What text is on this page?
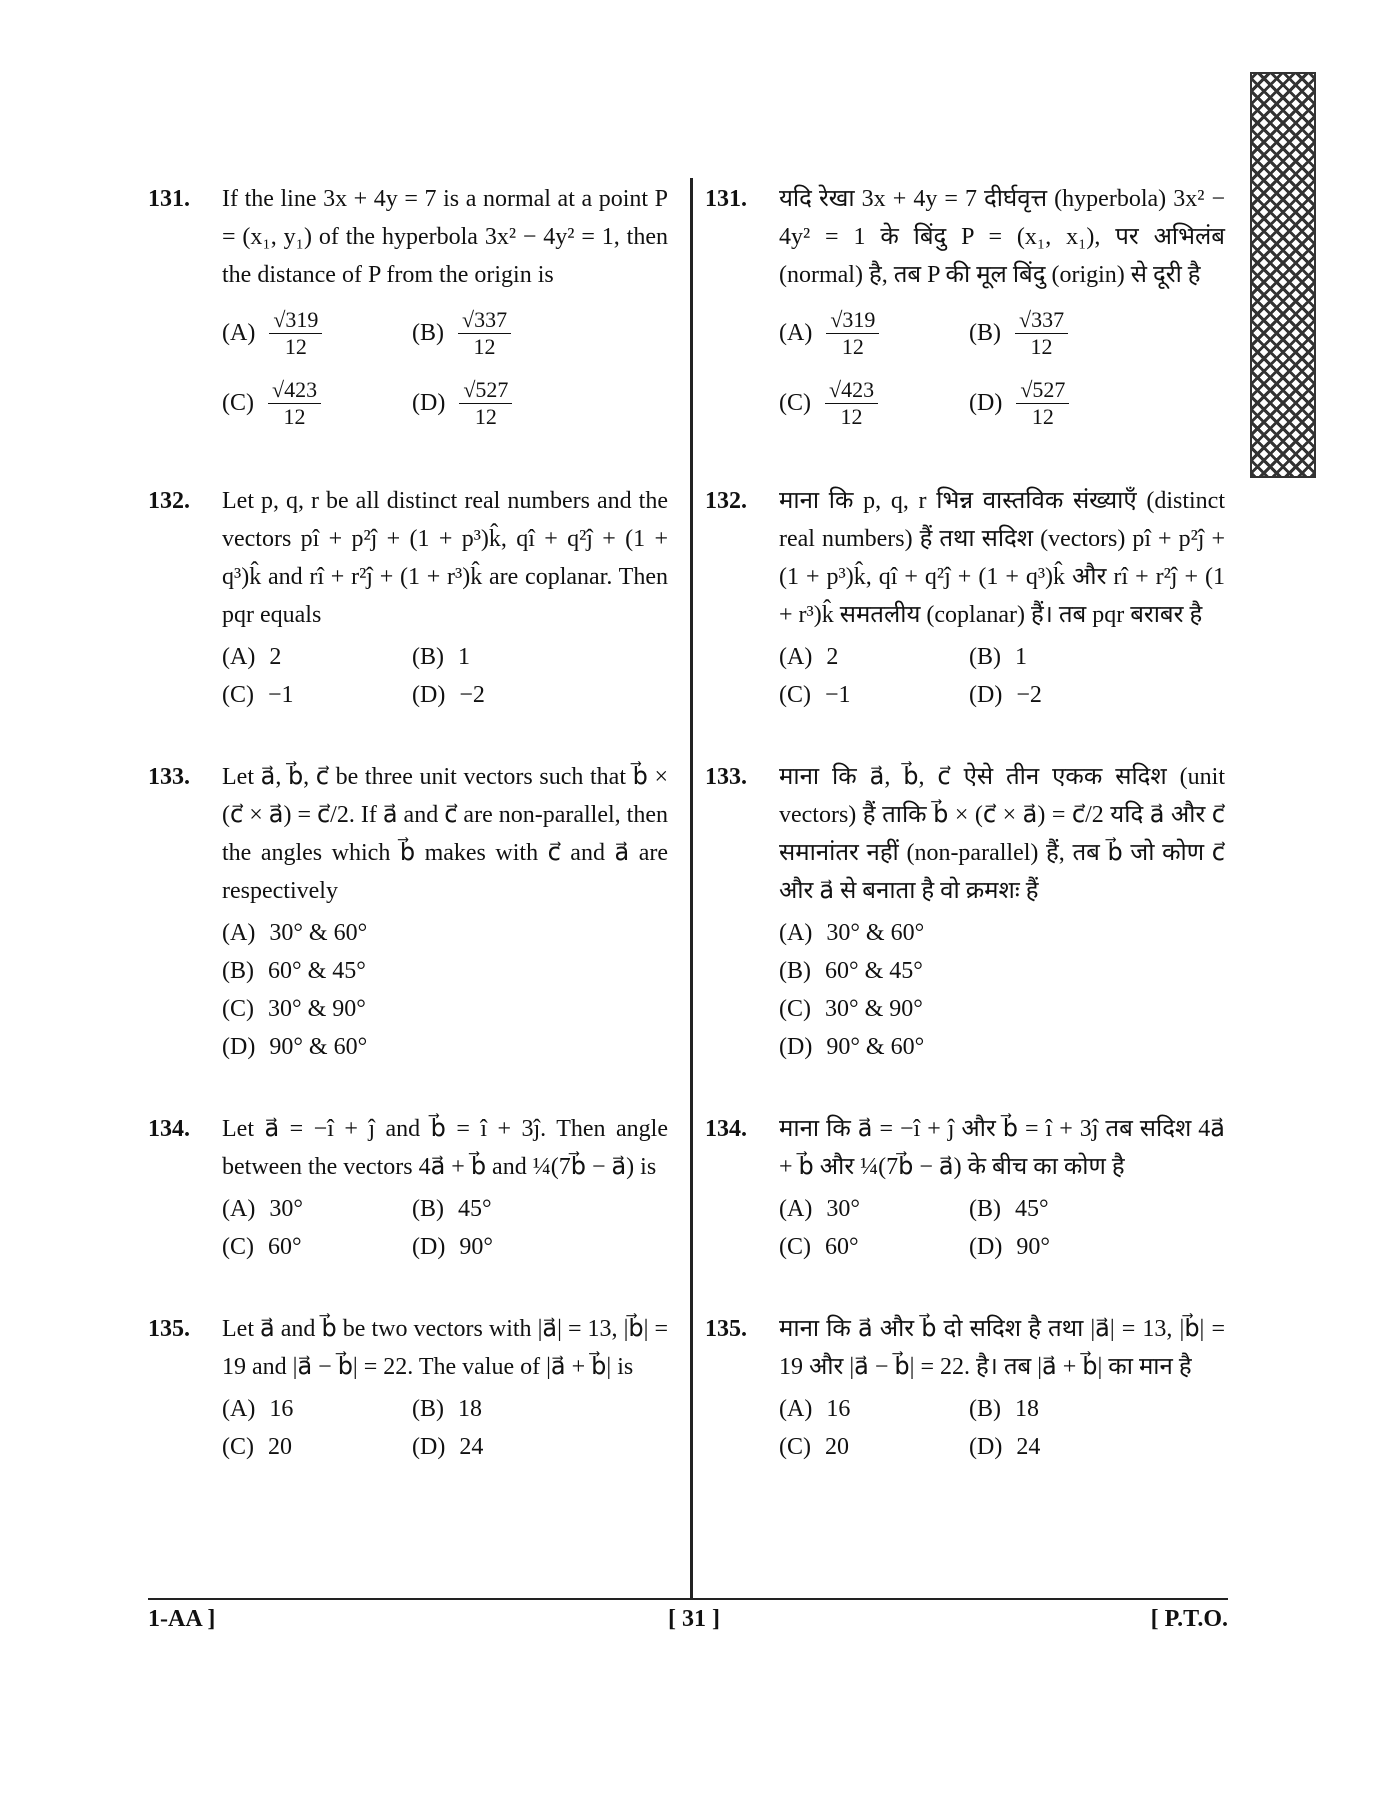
131. If the line 3x + 4y = 7 is a normal at a point P = (x₁, y₁) of the hyperbola 3x² − 4y² = 1, then the distance of P from the origin is
$(A) \frac{√319}{12}$	$(B) \frac{√337}{12}$
$(C) \frac{√423}{12}$	$(D) \frac{√527}{12}$
132. Let p, q, r be all distinct real numbers and the vectors pî + p²ĵ + (1 + p³)k̂, qî + q²ĵ + (1 + q³)k̂ and rî + r²ĵ + (1 + r³)k̂ are coplanar. Then pqr equals
(A) 2	(B) 1
(C) −1	(D) −2
133. Let a⃗, b⃗, c⃗ be three unit vectors such that b⃗ × (c⃗ × a⃗) = c⃗/2. If a⃗ and c⃗ are non-parallel, then the angles which b⃗ makes with c⃗ and a⃗ are respectively
(A) 30° & 60°
(B) 60° & 45°
(C) 30° & 90°
(D) 90° & 60°
134. Let a⃗ = −î + ĵ and b⃗ = î + 3ĵ. Then angle between the vectors 4a⃗ + b⃗ and ¼(7b⃗ − a⃗) is
(A) 30°	(B) 45°
(C) 60°	(D) 90°
135. Let a⃗ and b⃗ be two vectors with |a⃗| = 13, |b⃗| = 19 and |a⃗ − b⃗| = 22. The value of |a⃗ + b⃗| is
(A) 16	(B) 18
(C) 20	(D) 24
131. यदि रेखा 3x + 4y = 7 दीर्घवृत्त (hyperbola) 3x² − 4y² = 1 के बिंदु P = (x₁, x₁), पर अभिलंब (normal) है, तब P की मूल बिंदु (origin) से दूरी है
$(A) \frac{√319}{12}$	$(B) \frac{√337}{12}$
$(C) \frac{√423}{12}$	$(D) \frac{√527}{12}$
132. माना कि p, q, r भिन्न वास्तविक संख्याएँ (distinct real numbers) हैं तथा सदिश (vectors) pî + p²ĵ + (1 + p³)k̂, qî + q²ĵ + (1 + q³)k̂ और rî + r²ĵ + (1 + r³)k̂ समतलीय (coplanar) हैं। तब pqr बराबर है
(A) 2	(B) 1
(C) −1	(D) −2
133. माना कि a⃗, b⃗, c⃗ ऐसे तीन एकक सदिश (unit vectors) हैं ताकि b⃗ × (c⃗ × a⃗) = c⃗/2 यदि a⃗ और c⃗ समानांतर नहीं (non-parallel) हैं, तब b⃗ जो कोण c⃗ और a⃗ से बनाता है वो क्रमशः हैं
(A) 30° & 60°
(B) 60° & 45°
(C) 30° & 90°
(D) 90° & 60°
134. माना कि a⃗ = −î + ĵ और b⃗ = î + 3ĵ तब सदिश 4a⃗ + b⃗ और ¼(7b⃗ − a⃗) के बीच का कोण है
(A) 30°	(B) 45°
(C) 60°	(D) 90°
135. माना कि a⃗ और b⃗ दो सदिश है तथा |a⃗| = 13, |b⃗| = 19 और |a⃗ − b⃗| = 22. है। तब |a⃗ + b⃗| का मान है
(A) 16	(B) 18
(C) 20	(D) 24
1-AA ]	[ 31 ]	[ P.T.O.
